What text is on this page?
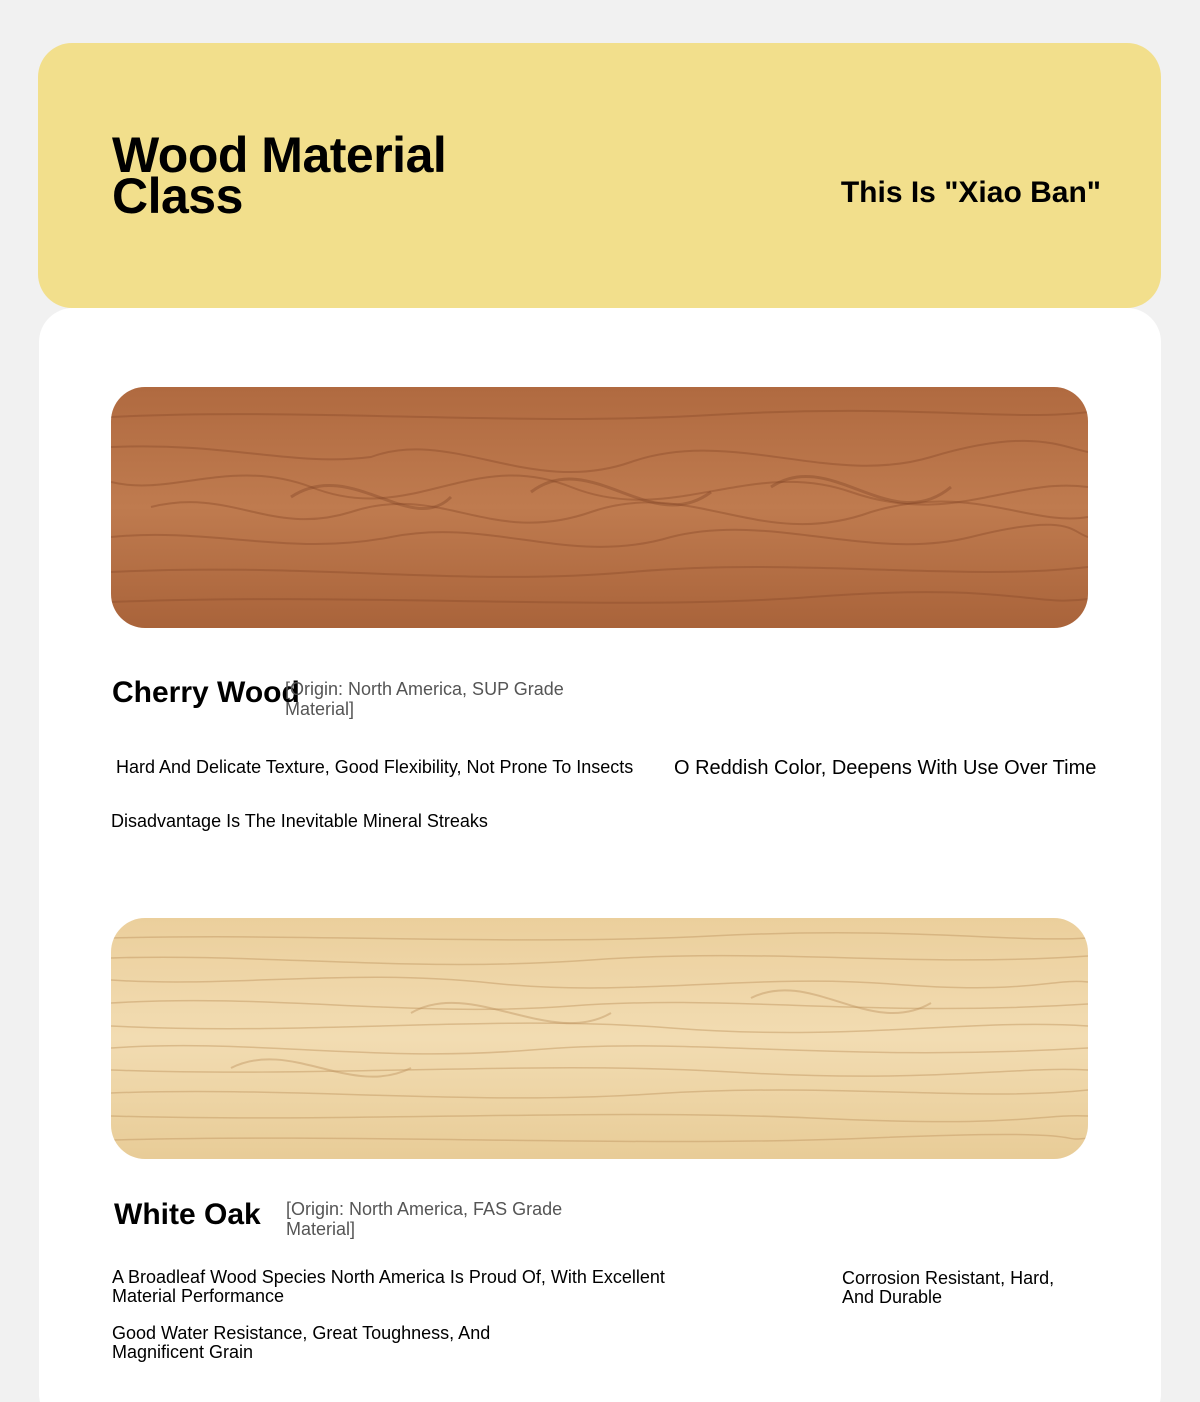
Wood Material Class	This Is "Xiao Ban"
Cherry Wood

[Origin: North America, SUP Grade Material]

Hard And Delicate Texture, Good Flexibility, Not Prone To Insects O Reddish Color, Deepens With Use Over Time

Disadvantage Is The Inevitable Mineral Streaks

White Oak [Origin: North America, FAS Grade Material]

A Broadleaf Wood Species North America Is Proud Of, With Excellent Material Performance

Corrosion Resistant, Hard, And Durable

Good Water Resistance, Great Toughness, And Magnificent Grain
